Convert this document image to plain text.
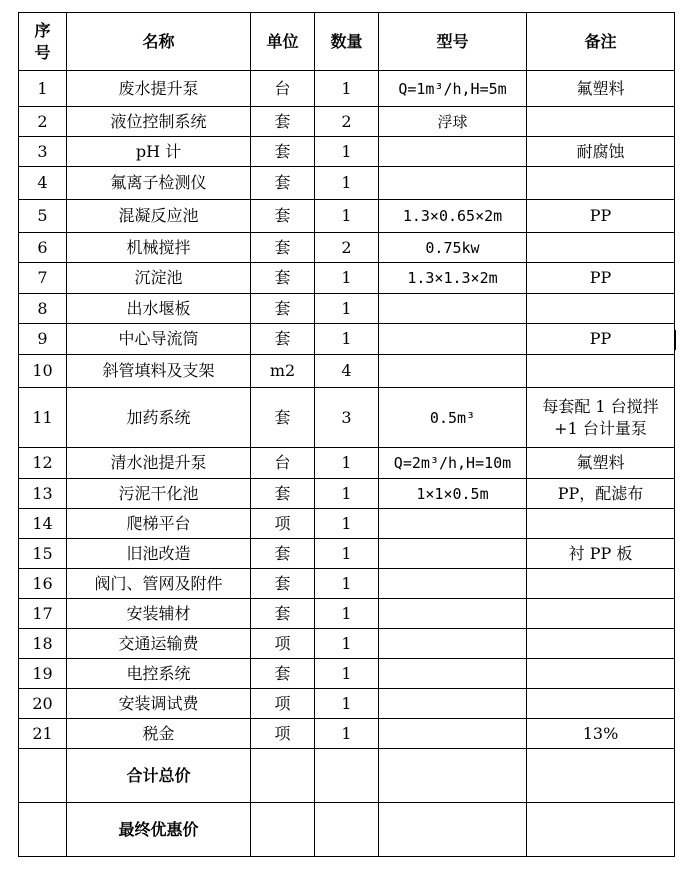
序号	名称	单位	数量	型号	备注
1	废水提升泵	台	1	Q=1m³/h,H=5m	氟塑料
2	液位控制系统	套	2	浮球	
3	pH 计	套	1		耐腐蚀
4	氟离子检测仪	套	1		
5	混凝反应池	套	1	1.3×0.65×2m	PP
6	机械搅拌	套	2	0.75kw	
7	沉淀池	套	1	1.3×1.3×2m	PP
8	出水堰板	套	1		
9	中心导流筒	套	1		PP
10	斜管填料及支架	m2	4		
11	加药系统	套	3	0.5m³	每套配 1 台搅拌+1 台计量泵
12	清水池提升泵	台	1	Q=2m³/h,H=10m	氟塑料
13	污泥干化池	套	1	1×1×0.5m	PP，配滤布
14	爬梯平台	项	1		
15	旧池改造	套	1		衬 PP 板
16	阀门、管网及附件	套	1		
17	安装辅材	套	1		
18	交通运输费	项	1		
19	电控系统	套	1		
20	安装调试费	项	1		
21	税金	项	1		13%
	合计总价				
	最终优惠价				
